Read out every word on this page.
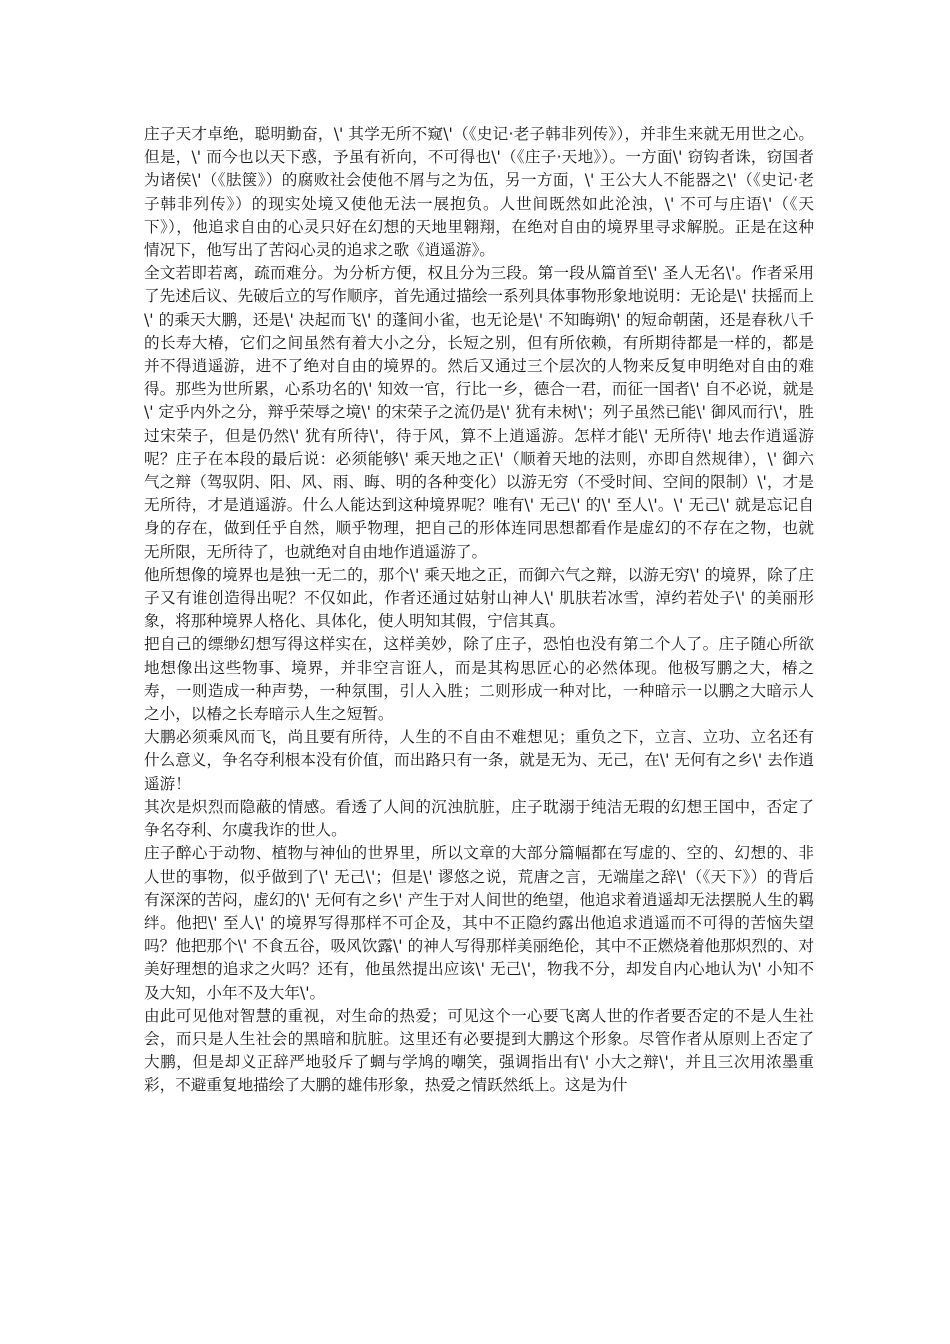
庄子天才卓绝，聪明勤奋，\' 其学无所不窥\'（《史记·老子韩非列传》），并非生来就无用世之心。但是，\' 而今也以天下惑，予虽有祈向，不可得也\'（《庄子·天地》）。一方面\' 窃钩者诛，窃国者为诸侯\'（《胠箧》）的腐败社会使他不屑与之为伍，另一方面，\' 王公大人不能器之\'（《史记·老子韩非列传》）的现实处境又使他无法一展抱负。人世间既然如此沦浊，\' 不可与庄语\'（《天下》），他追求自由的心灵只好在幻想的天地里翱翔，在绝对自由的境界里寻求解脱。正是在这种情况下，他写出了苦闷心灵的追求之歌《逍遥游》。

全文若即若离，疏而难分。为分析方便，权且分为三段。第一段从篇首至\' 圣人无名\'。作者采用了先述后议、先破后立的写作顺序，首先通过描绘一系列具体事物形象地说明：无论是\' 扶摇而上\' 的乘天大鹏，还是\' 决起而飞\' 的蓬间小雀，也无论是\' 不知晦朔\' 的短命朝菌，还是春秋八千的长寿大椿，它们之间虽然有着大小之分，长短之别，但有所依赖，有所期待都是一样的，都是并不得逍遥游，进不了绝对自由的境界的。然后又通过三个层次的人物来反复申明绝对自由的难得。那些为世所累，心系功名的\' 知效一官，行比一乡，德合一君，而征一国者\' 自不必说，就是\' 定乎内外之分，辩乎荣辱之境\' 的宋荣子之流仍是\' 犹有未树\'；列子虽然已能\' 御风而行\'，胜过宋荣子，但是仍然\' 犹有所待\'，待于风，算不上逍遥游。怎样才能\' 无所待\' 地去作逍遥游呢？庄子在本段的最后说：必须能够\' 乘天地之正\'（顺着天地的法则，亦即自然规律），\' 御六气之辩（驾驭阴、阳、风、雨、晦、明的各种变化）以游无穷（不受时间、空间的限制）\'，才是无所待，才是逍遥游。什么人能达到这种境界呢？唯有\' 无己\' 的\' 至人\'。\' 无己\' 就是忘记自身的存在，做到任乎自然，顺乎物理，把自己的形体连同思想都看作是虚幻的不存在之物，也就无所限，无所待了，也就绝对自由地作逍遥游了。

他所想像的境界也是独一无二的，那个\' 乘天地之正，而御六气之辩，以游无穷\' 的境界，除了庄子又有谁创造得出呢？不仅如此，作者还通过姑射山神人\' 肌肤若冰雪，淖约若处子\' 的美丽形象，将那种境界人格化、具体化，使人明知其假，宁信其真。

把自己的缥缈幻想写得这样实在，这样美妙，除了庄子，恐怕也没有第二个人了。庄子随心所欲地想像出这些物事、境界，并非空言诳人，而是其构思匠心的必然体现。他极写鹏之大，椿之寿，一则造成一种声势，一种氛围，引人入胜；二则形成一种对比，一种暗示一以鹏之大暗示人之小，以椿之长寿暗示人生之短暂。

大鹏必须乘风而飞，尚且要有所待，人生的不自由不难想见；重负之下，立言、立功、立名还有什么意义，争名夺利根本没有价值，而出路只有一条，就是无为、无己，在\' 无何有之乡\' 去作逍遥游！

其次是炽烈而隐蔽的情感。看透了人间的沉浊肮脏，庄子耽溺于纯洁无瑕的幻想王国中，否定了争名夺利、尔虞我诈的世人。

庄子醉心于动物、植物与神仙的世界里，所以文章的大部分篇幅都在写虚的、空的、幻想的、非人世的事物，似乎做到了\' 无己\'；但是\' 谬悠之说，荒唐之言，无端崖之辞\'（《天下》）的背后有深深的苦闷，虚幻的\' 无何有之乡\' 产生于对人间世的绝望，他追求着逍遥却无法摆脱人生的羁绊。他把\' 至人\' 的境界写得那样不可企及，其中不正隐约露出他追求逍遥而不可得的苦恼失望吗？他把那个\' 不食五谷，吸风饮露\' 的神人写得那样美丽绝伦，其中不正燃烧着他那炽烈的、对美好理想的追求之火吗？还有，他虽然提出应该\' 无己\'，物我不分，却发自内心地认为\' 小知不及大知，小年不及大年\'。

由此可见他对智慧的重视，对生命的热爱；可见这个一心要飞离人世的作者要否定的不是人生社会，而只是人生社会的黑暗和肮脏。这里还有必要提到大鹏这个形象。尽管作者从原则上否定了大鹏，但是却义正辞严地驳斥了蜩与学鸠的嘲笑，强调指出有\' 小大之辩\'，并且三次用浓墨重彩，不避重复地描绘了大鹏的雄伟形象，热爱之情跃然纸上。这是为什
